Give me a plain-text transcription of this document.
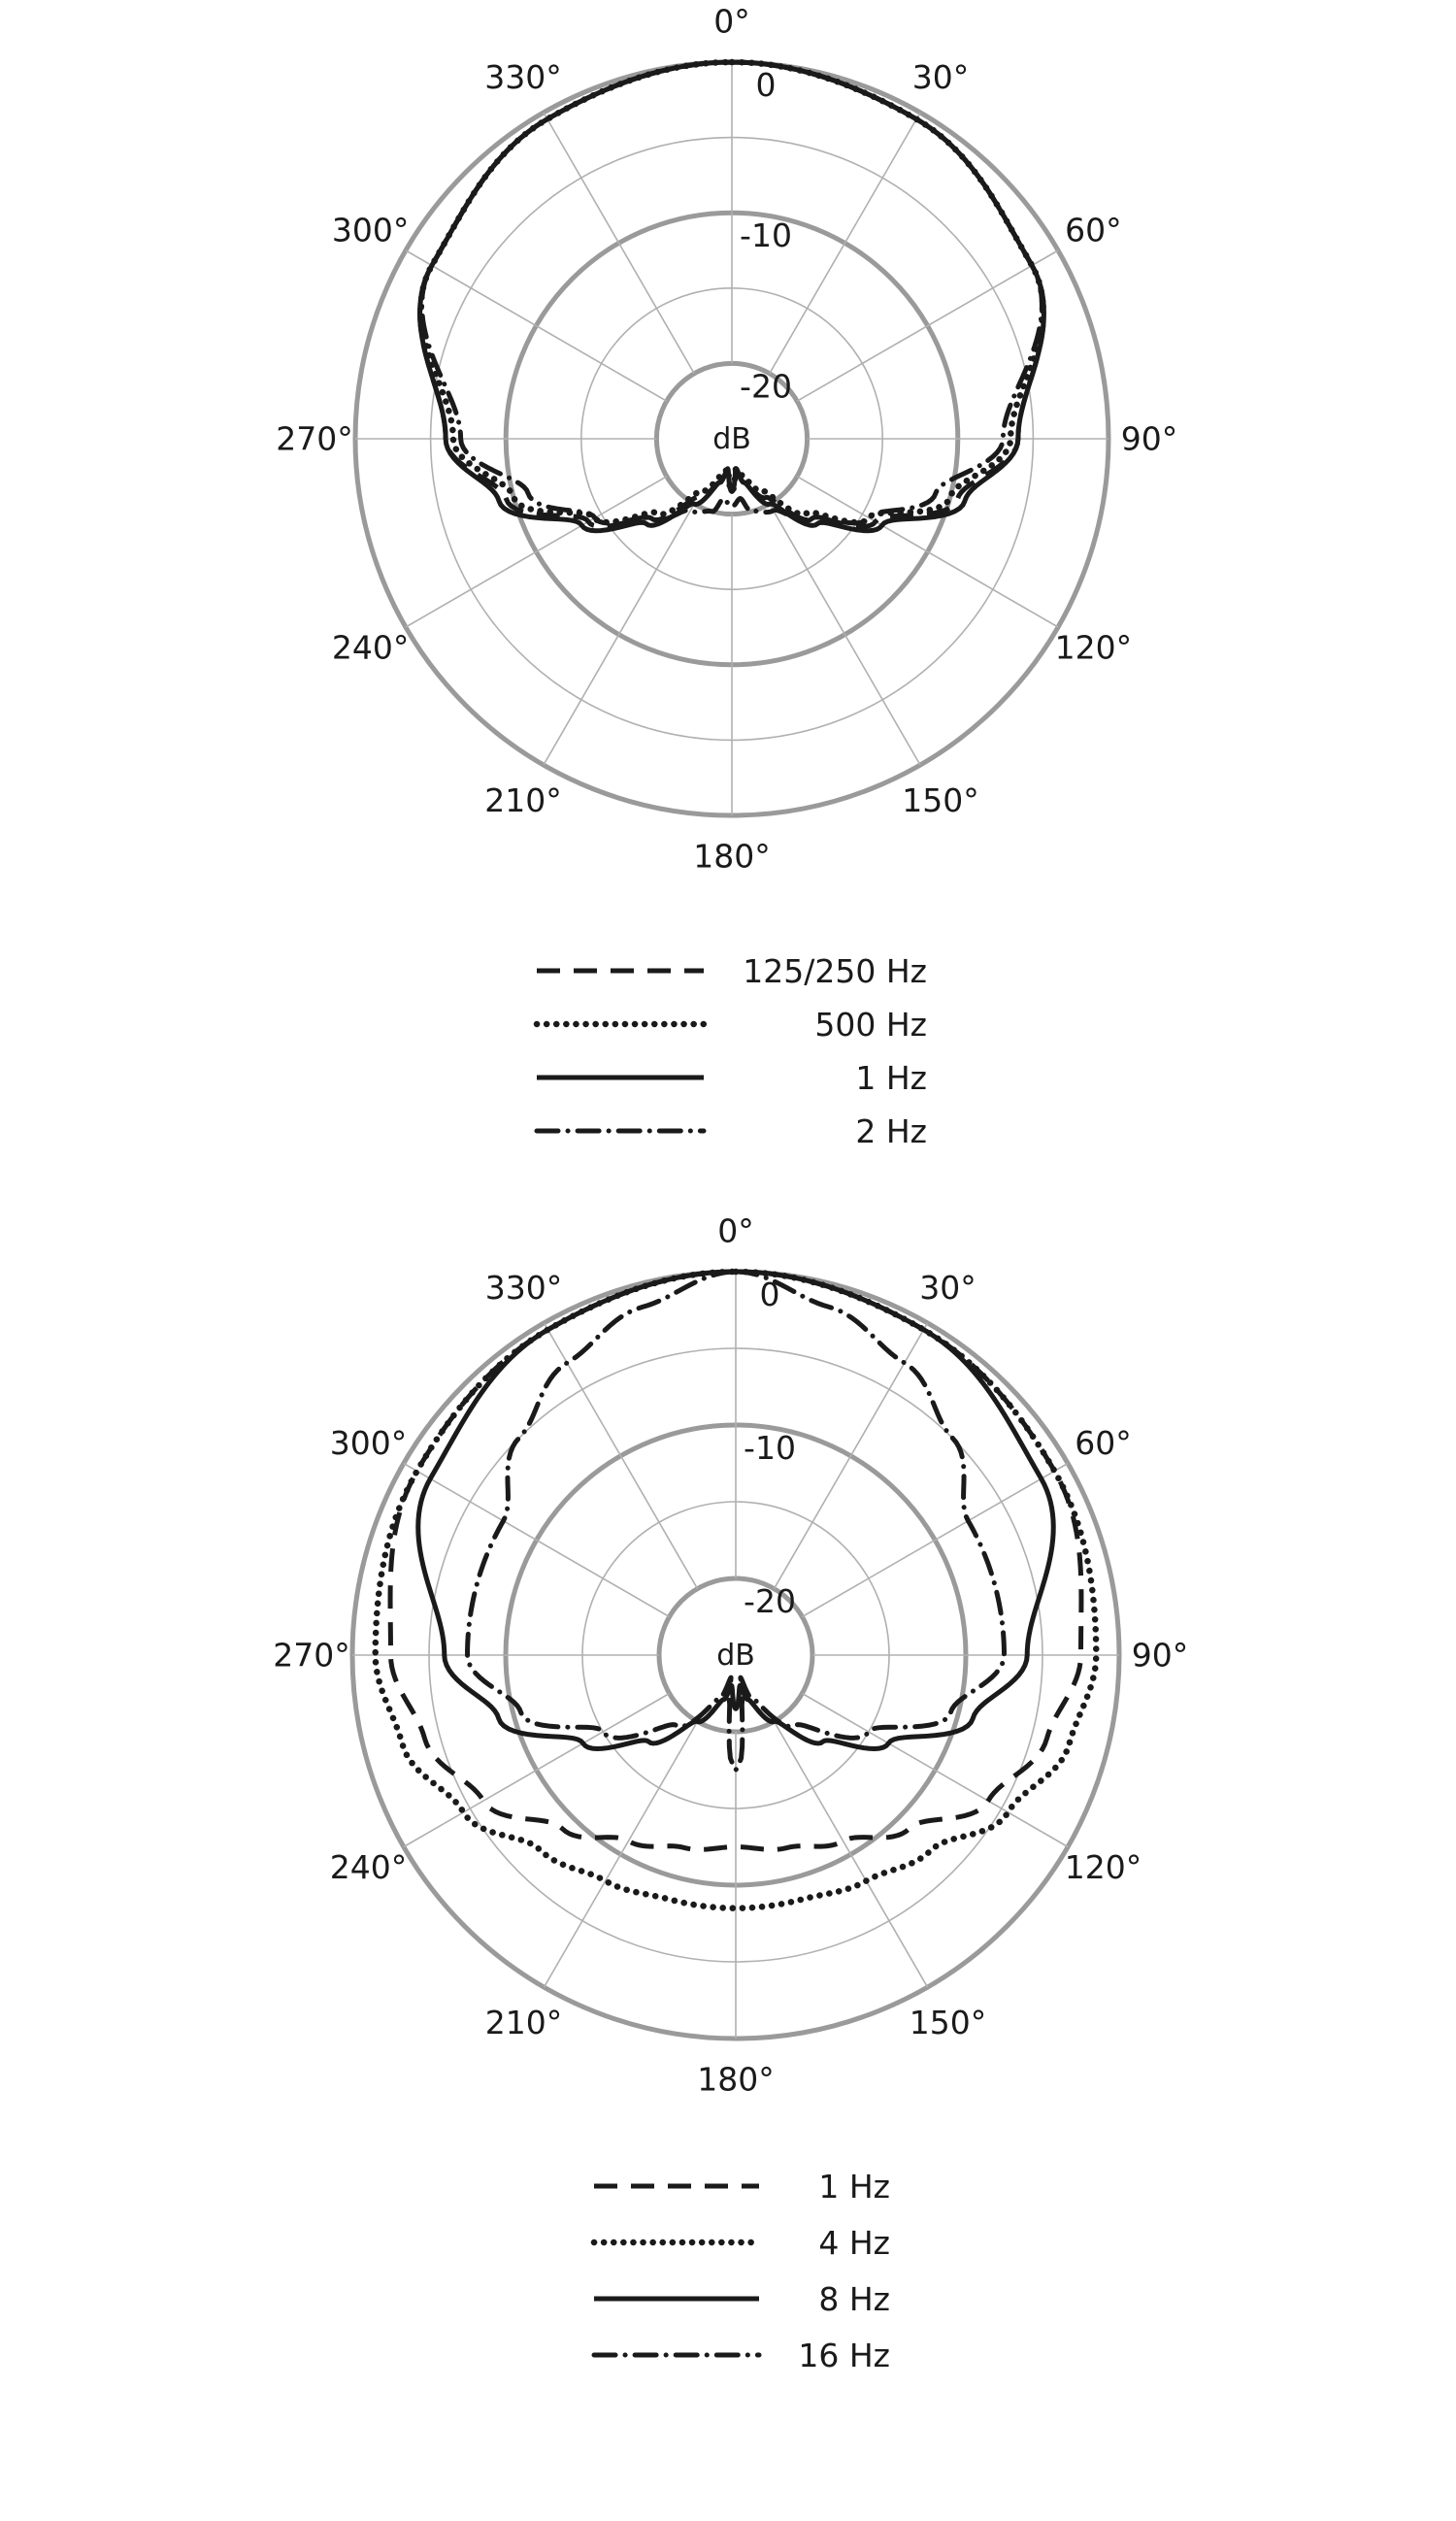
0°
30°
60°
90°
120°
150°
180°
210°
240°
270°
300°
330°	0
-10
-20
dB
125/250 Hz
500 Hz
1 Hz
2 Hz
0°
30°
60°
90°
120°
150°
180°
210°
240°
270°
300°
330°	0
-10
-20
dB
1 Hz
4 Hz
8 Hz
16 Hz
